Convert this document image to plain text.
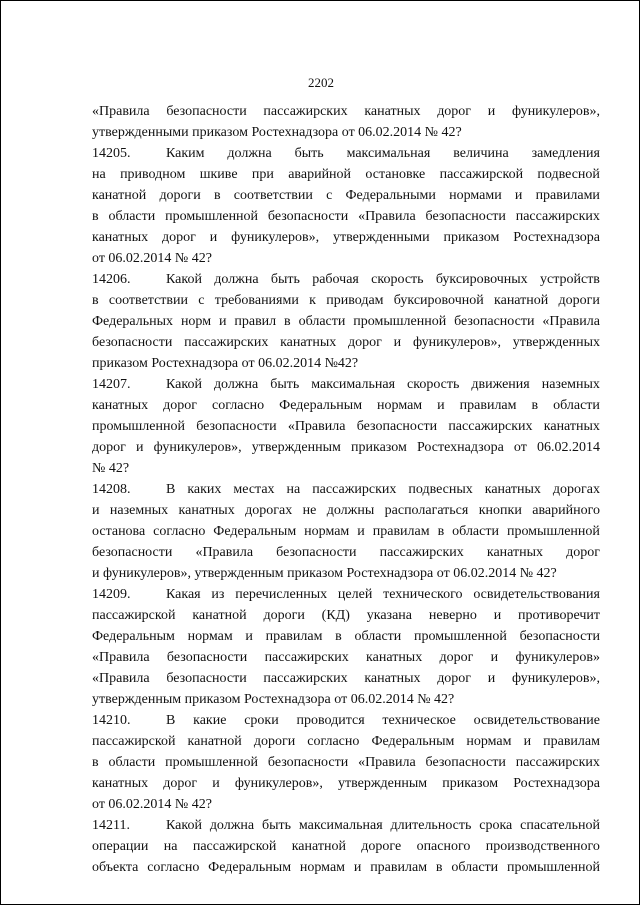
2202
«Правила безопасности пассажирских канатных дорог и фуникулеров»,
утвержденными приказом Ростехнадзора от 06.02.2014 № 42?
14205.	Каким должна быть максимальная величина замедления
на приводном шкиве при аварийной остановке пассажирской подвесной
канатной дороги в соответствии с Федеральными нормами и правилами
в области промышленной безопасности «Правила безопасности пассажирских
канатных дорог и фуникулеров», утвержденными приказом Ростехнадзора
от 06.02.2014 № 42?
14206.	Какой должна быть рабочая скорость буксировочных устройств
в соответствии с требованиями к приводам буксировочной канатной дороги
Федеральных норм и правил в области промышленной безопасности «Правила
безопасности пассажирских канатных дорог и фуникулеров», утвержденных
приказом Ростехнадзора от 06.02.2014 №42?
14207.	Какой должна быть максимальная скорость движения наземных
канатных дорог согласно Федеральным нормам и правилам в области
промышленной безопасности «Правила безопасности пассажирских канатных
дорог и фуникулеров», утвержденным приказом Ростехнадзора от 06.02.2014
№ 42?
14208.	В каких местах на пассажирских подвесных канатных дорогах
и наземных канатных дорогах не должны располагаться кнопки аварийного
останова согласно Федеральным нормам и правилам в области промышленной
безопасности «Правила безопасности пассажирских канатных дорог
и фуникулеров», утвержденным приказом Ростехнадзора от 06.02.2014 № 42?
14209.	Какая из перечисленных целей технического освидетельствования
пассажирской канатной дороги (КД) указана неверно и противоречит
Федеральным нормам и правилам в области промышленной безопасности
«Правила безопасности пассажирских канатных дорог и фуникулеров»
«Правила безопасности пассажирских канатных дорог и фуникулеров»,
утвержденным приказом Ростехнадзора от 06.02.2014 № 42?
14210.	В какие сроки проводится техническое освидетельствование
пассажирской канатной дороги согласно Федеральным нормам и правилам
в области промышленной безопасности «Правила безопасности пассажирских
канатных дорог и фуникулеров», утвержденным приказом Ростехнадзора
от 06.02.2014 № 42?
14211.	Какой должна быть максимальная длительность срока спасательной
операции на пассажирской канатной дороге опасного производственного
объекта согласно Федеральным нормам и правилам в области промышленной
